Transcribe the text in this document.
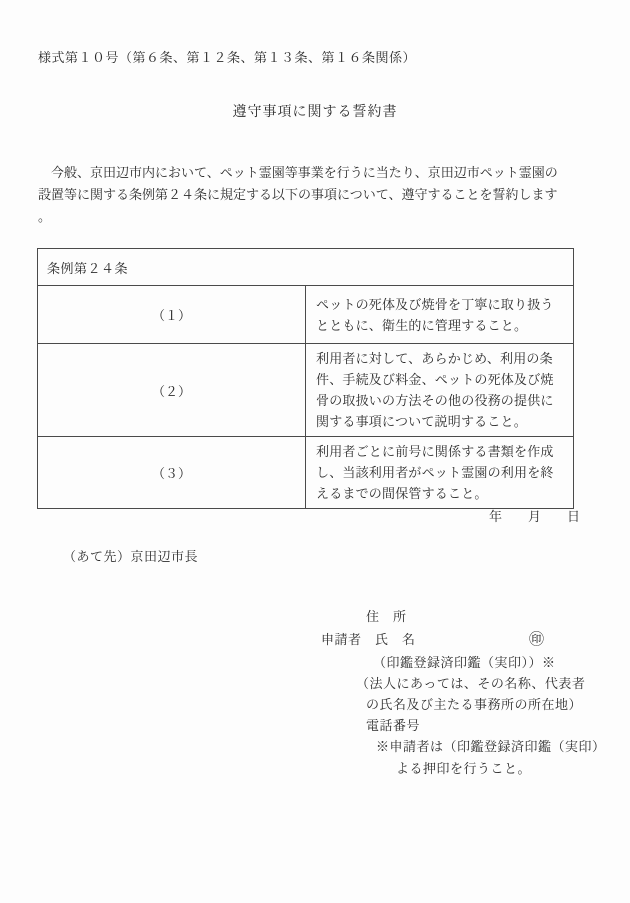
様式第１０号（第６条、第１２条、第１３条、第１６条関係）
遵守事項に関する誓約書
　今般、京田辺市内において、ペット霊園等事業を行うに当たり、京田辺市ペット霊園の
設置等に関する条例第２４条に規定する以下の事項について、遵守することを誓約します
。
条例第２４条	
（１）	ペットの死体及び焼骨を丁寧に取り扱うとともに、衛生的に管理すること。
（２）	利用者に対して、あらかじめ、利用の条件、手続及び料金、ペットの死体及び焼骨の取扱いの方法その他の役務の提供に関する事項について説明すること。
（３）	利用者ごとに前号に関係する書類を作成し、当該利用者がペット霊園の利用を終えるまでの間保管すること。
年　　月　　日
（あて先）京田辺市長
住　所
申請者　氏　名	㊞
（印鑑登録済印鑑（実印））※
（法人にあっては、その名称、代表者
の氏名及び主たる事務所の所在地）
電話番号
※申請者は（印鑑登録済印鑑（実印）
よる押印を行うこと。
